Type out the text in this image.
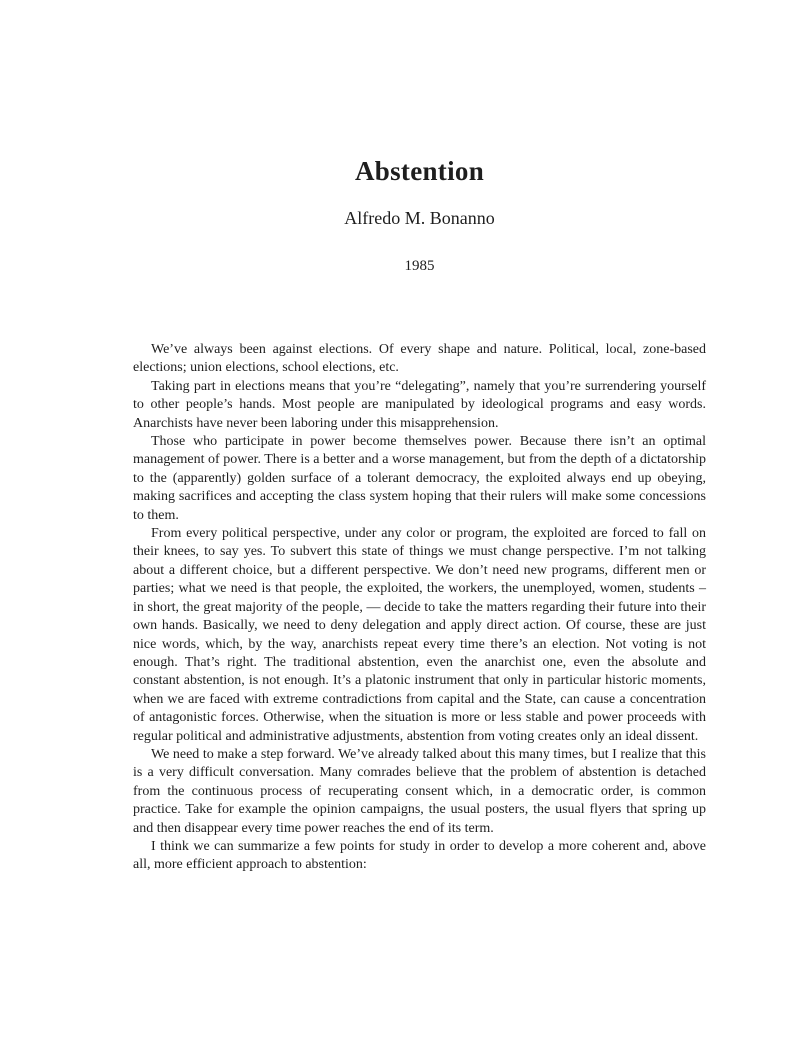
Abstention
Alfredo M. Bonanno
1985

We’ve always been against elections. Of every shape and nature. Political, local, zone-based elections; union elections, school elections, etc.

Taking part in elections means that you’re “delegating”, namely that you’re surrendering yourself to other people’s hands. Most people are manipulated by ideological programs and easy words. Anarchists have never been laboring under this misapprehension.

Those who participate in power become themselves power. Because there isn’t an optimal management of power. There is a better and a worse management, but from the depth of a dictatorship to the (apparently) golden surface of a tolerant democracy, the exploited always end up obeying, making sacrifices and accepting the class system hoping that their rulers will make some concessions to them.

From every political perspective, under any color or program, the exploited are forced to fall on their knees, to say yes. To subvert this state of things we must change perspective. I’m not talking about a different choice, but a different perspective. We don’t need new programs, different men or parties; what we need is that people, the exploited, the workers, the unemployed, women, students – in short, the great majority of the people, — decide to take the matters regarding their future into their own hands. Basically, we need to deny delegation and apply direct action. Of course, these are just nice words, which, by the way, anarchists repeat every time there’s an election. Not voting is not enough. That’s right. The traditional abstention, even the anarchist one, even the absolute and constant abstention, is not enough. It’s a platonic instrument that only in particular historic moments, when we are faced with extreme contradictions from capital and the State, can cause a concentration of antagonistic forces. Otherwise, when the situation is more or less stable and power proceeds with regular political and administrative adjustments, abstention from voting creates only an ideal dissent.

We need to make a step forward. We’ve already talked about this many times, but I realize that this is a very difficult conversation. Many comrades believe that the problem of abstention is detached from the continuous process of recuperating consent which, in a democratic order, is common practice. Take for example the opinion campaigns, the usual posters, the usual flyers that spring up and then disappear every time power reaches the end of its term.

I think we can summarize a few points for study in order to develop a more coherent and, above all, more efficient approach to abstention:
